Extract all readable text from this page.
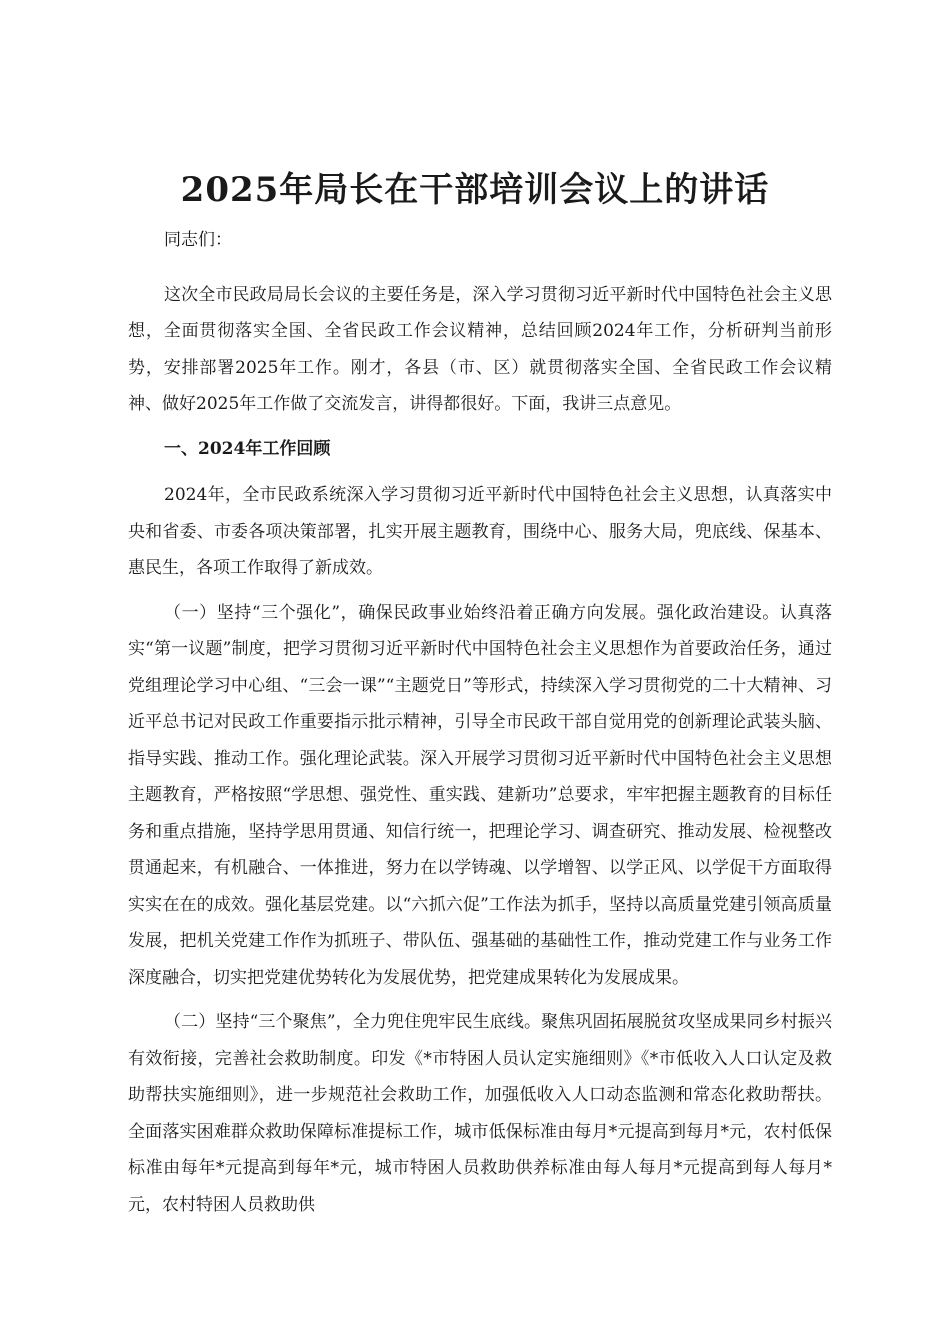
2025年局长在干部培训会议上的讲话

同志们：

这次全市民政局局长会议的主要任务是，深入学习贯彻习近平新时代中国特色社会主义思想，全面贯彻落实全国、全省民政工作会议精神，总结回顾2024年工作，分析研判当前形势，安排部署2025年工作。刚才，各县（市、区）就贯彻落实全国、全省民政工作会议精神、做好2025年工作做了交流发言，讲得都很好。下面，我讲三点意见。

一、2024年工作回顾

2024年，全市民政系统深入学习贯彻习近平新时代中国特色社会主义思想，认真落实中央和省委、市委各项决策部署，扎实开展主题教育，围绕中心、服务大局，兜底线、保基本、惠民生，各项工作取得了新成效。

（一）坚持“三个强化”，确保民政事业始终沿着正确方向发展。强化政治建设。认真落实“第一议题”制度，把学习贯彻习近平新时代中国特色社会主义思想作为首要政治任务，通过党组理论学习中心组、“三会一课”“主题党日”等形式，持续深入学习贯彻党的二十大精神、习近平总书记对民政工作重要指示批示精神，引导全市民政干部自觉用党的创新理论武装头脑、指导实践、推动工作。强化理论武装。深入开展学习贯彻习近平新时代中国特色社会主义思想主题教育，严格按照“学思想、强党性、重实践、建新功”总要求，牢牢把握主题教育的目标任务和重点措施，坚持学思用贯通、知信行统一，把理论学习、调查研究、推动发展、检视整改贯通起来，有机融合、一体推进，努力在以学铸魂、以学增智、以学正风、以学促干方面取得实实在在的成效。强化基层党建。以“六抓六促”工作法为抓手，坚持以高质量党建引领高质量发展，把机关党建工作作为抓班子、带队伍、强基础的基础性工作，推动党建工作与业务工作深度融合，切实把党建优势转化为发展优势，把党建成果转化为发展成果。

（二）坚持“三个聚焦”，全力兜住兜牢民生底线。聚焦巩固拓展脱贫攻坚成果同乡村振兴有效衔接，完善社会救助制度。印发《*市特困人员认定实施细则》《*市低收入人口认定及救助帮扶实施细则》，进一步规范社会救助工作，加强低收入人口动态监测和常态化救助帮扶。全面落实困难群众救助保障标准提标工作，城市低保标准由每月*元提高到每月*元，农村低保标准由每年*元提高到每年*元，城市特困人员救助供养标准由每人每月*元提高到每人每月*元，农村特困人员救助供
